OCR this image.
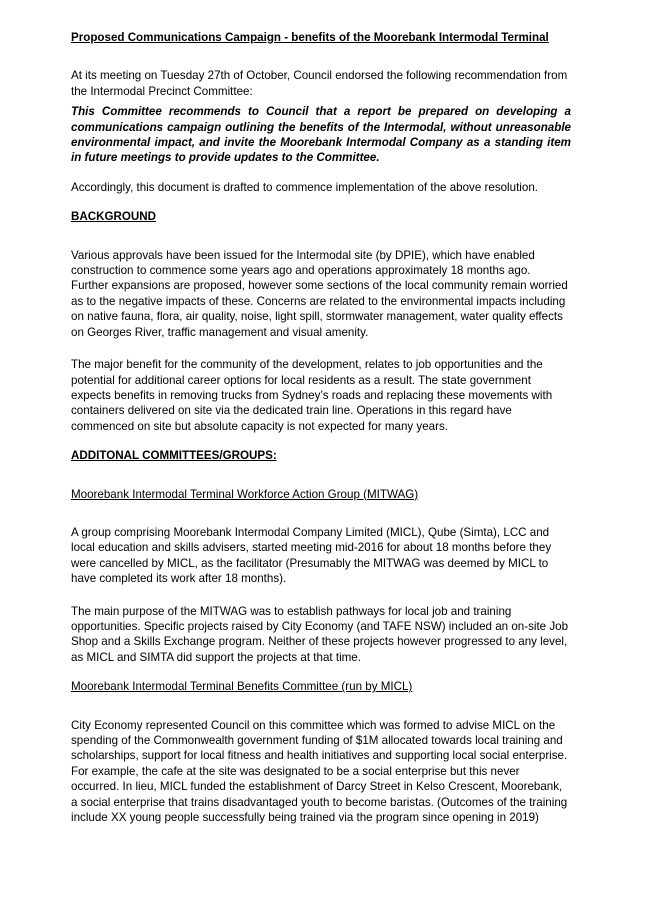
Proposed Communications Campaign - benefits of the Moorebank Intermodal Terminal

At its meeting on Tuesday 27th of October, Council endorsed the following recommendation from the Intermodal Precinct Committee:

This Committee recommends to Council that a report be prepared on developing a communications campaign outlining the benefits of the Intermodal, without unreasonable environmental impact, and invite the Moorebank Intermodal Company as a standing item in future meetings to provide updates to the Committee.

Accordingly, this document is drafted to commence implementation of the above resolution.

BACKGROUND

Various approvals have been issued for the Intermodal site (by DPIE), which have enabled construction to commence some years ago and operations approximately 18 months ago. Further expansions are proposed, however some sections of the local community remain worried as to the negative impacts of these. Concerns are related to the environmental impacts including on native fauna, flora, air quality, noise, light spill, stormwater management, water quality effects on Georges River, traffic management and visual amenity.

The major benefit for the community of the development, relates to job opportunities and the potential for additional career options for local residents as a result. The state government expects benefits in removing trucks from Sydney’s roads and replacing these movements with containers delivered on site via the dedicated train line. Operations in this regard have commenced on site but absolute capacity is not expected for many years.

ADDITONAL COMMITTEES/GROUPS:

Moorebank Intermodal Terminal Workforce Action Group (MITWAG)

A group comprising Moorebank Intermodal Company Limited (MICL), Qube (Simta), LCC and local education and skills advisers, started meeting mid-2016 for about 18 months before they were cancelled by MICL, as the facilitator (Presumably the MITWAG was deemed by MICL to have completed its work after 18 months).

The main purpose of the MITWAG was to establish pathways for local job and training opportunities. Specific projects raised by City Economy (and TAFE NSW) included an on-site Job Shop and a Skills Exchange program. Neither of these projects however progressed to any level, as MICL and SIMTA did support the projects at that time.

Moorebank Intermodal Terminal Benefits Committee (run by MICL)

City Economy represented Council on this committee which was formed to advise MICL on the spending of the Commonwealth government funding of $1M allocated towards local training and scholarships, support for local fitness and health initiatives and supporting local social enterprise. For example, the cafe at the site was designated to be a social enterprise but this never occurred. In lieu, MICL funded the establishment of Darcy Street in Kelso Crescent, Moorebank, a social enterprise that trains disadvantaged youth to become baristas. (Outcomes of the training include XX young people successfully being trained via the program since opening in 2019)
